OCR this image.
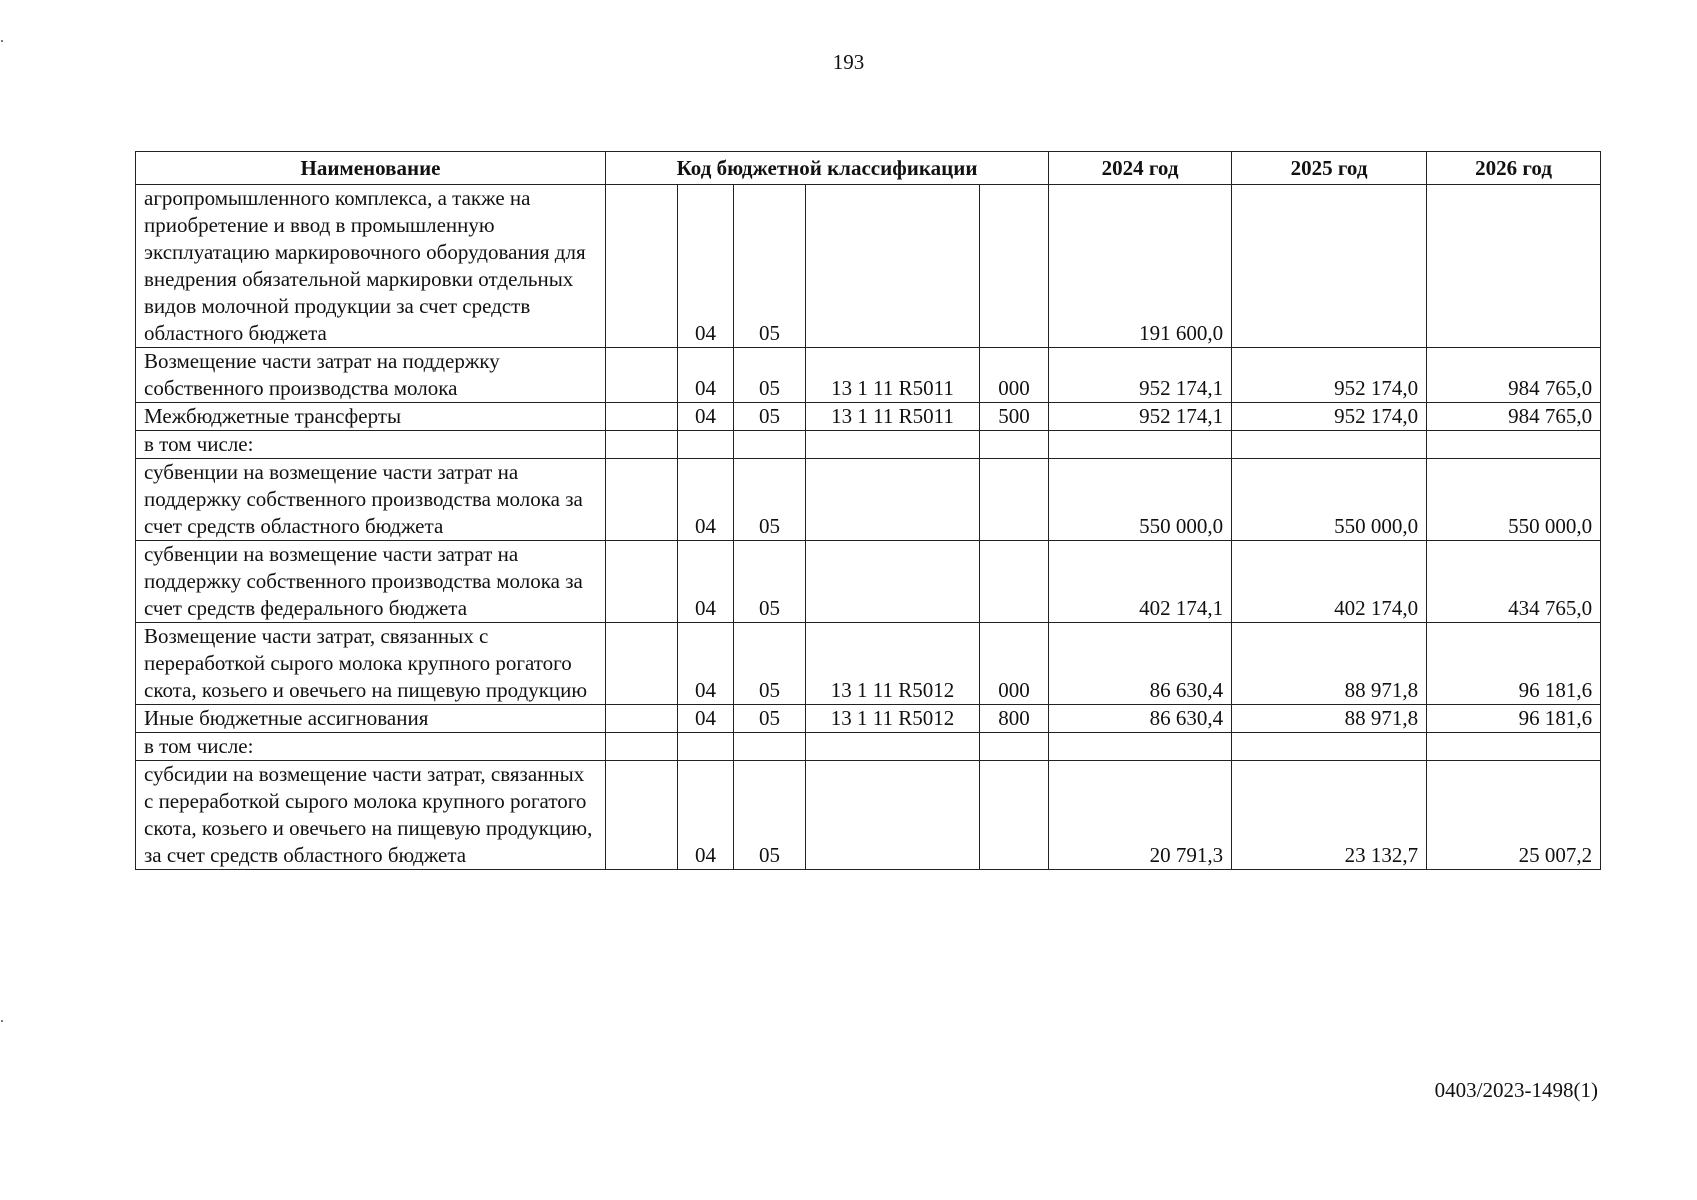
193
Наименование	Код бюджетной классификации					2024 год	2025 год	2026 год
агропромышленного комплекса, а также на приобретение и ввод в промышленную эксплуатацию маркировочного оборудования для внедрения обязательной маркировки отдельных видов молочной продукции за счет средств областного бюджета		04	05			191 600,0		
Возмещение части затрат на поддержку собственного производства молока		04	05	13 1 11 R5011	000	952 174,1	952 174,0	984 765,0
Межбюджетные трансферты		04	05	13 1 11 R5011	500	952 174,1	952 174,0	984 765,0
в том числе:								
субвенции на возмещение части затрат на поддержку собственного производства молока за счет средств областного бюджета		04	05			550 000,0	550 000,0	550 000,0
субвенции на возмещение части затрат на поддержку собственного производства молока за счет средств федерального бюджета		04	05			402 174,1	402 174,0	434 765,0
Возмещение части затрат, связанных с переработкой сырого молока крупного рогатого скота, козьего и овечьего на пищевую продукцию		04	05	13 1 11 R5012	000	86 630,4	88 971,8	96 181,6
Иные бюджетные ассигнования		04	05	13 1 11 R5012	800	86 630,4	88 971,8	96 181,6
в том числе:								
субсидии на возмещение части затрат, связанных с переработкой сырого молока крупного рогатого скота, козьего и овечьего на пищевую продукцию, за счет средств областного бюджета		04	05			20 791,3	23 132,7	25 007,2
0403/2023-1498(1)
